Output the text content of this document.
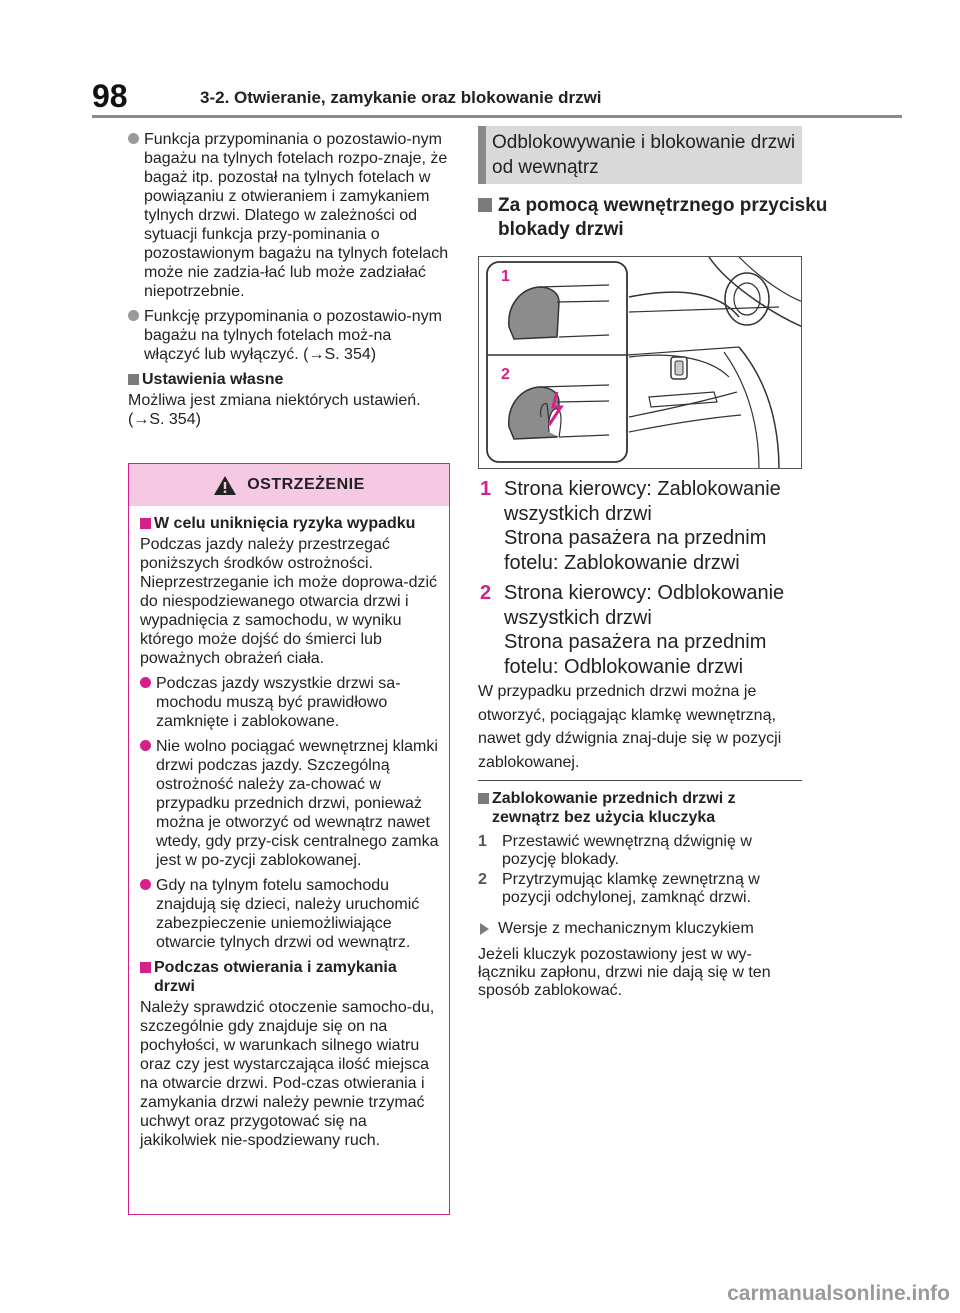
98	3-2. Otwieranie, zamykanie oraz blokowanie drzwi
Funkcja przypominania o pozostawio-nym bagażu na tylnych fotelach rozpo-znaje, że bagaż itp. pozostał na tylnych fotelach w powiązaniu z otwieraniem i zamykaniem tylnych drzwi. Dlatego w zależności od sytuacji funkcja przy-pominania o pozostawionym bagażu na tylnych fotelach może nie zadzia-łać lub może zadziałać niepotrzebnie.
Funkcję przypominania o pozostawio-nym bagażu na tylnych fotelach moż-na włączyć lub wyłączyć. (→S. 354)
Ustawienia własne
Możliwa jest zmiana niektórych ustawień. (→S. 354)
OSTRZEŻENIE
W celu uniknięcia ryzyka wypadku
Podczas jazdy należy przestrzegać poniższych środków ostrożności. Nieprzestrzeganie ich może doprowa-dzić do niespodziewanego otwarcia drzwi i wypadnięcia z samochodu, w wyniku którego może dojść do śmierci lub poważnych obrażeń ciała.
Podczas jazdy wszystkie drzwi sa-mochodu muszą być prawidłowo zamknięte i zablokowane.
Nie wolno pociągać wewnętrznej klamki drzwi podczas jazdy. Szczególną ostrożność należy za-chować w przypadku przednich drzwi, ponieważ można je otworzyć od wewnątrz nawet wtedy, gdy przy-cisk centralnego zamka jest w po-zycji zablokowanej.
Gdy na tylnym fotelu samochodu znajdują się dzieci, należy uruchomić zabezpieczenie uniemożliwiające otwarcie tylnych drzwi od wewnątrz.
Podczas otwierania i zamykania drzwi
Należy sprawdzić otoczenie samocho-du, szczególnie gdy znajduje się on na pochyłości, w warunkach silnego wiatru oraz czy jest wystarczająca ilość miejsca na otwarcie drzwi. Pod-czas otwierania i zamykania drzwi należy pewnie trzymać uchwyt oraz przygotować się na jakikolwiek nie-spodziewany ruch.
Odblokowywanie i blokowanie drzwi od wewnątrz
Za pomocą wewnętrznego przycisku blokady drzwi
1
2
1 Strona kierowcy: Zablokowanie wszystkich drzwi
Strona pasażera na przednim fotelu: Zablokowanie drzwi
2 Strona kierowcy: Odblokowanie wszystkich drzwi
Strona pasażera na przednim fotelu: Odblokowanie drzwi
W przypadku przednich drzwi można je otworzyć, pociągając klamkę wewnętrzną, nawet gdy dźwignia znaj-duje się w pozycji zablokowanej.
Zablokowanie przednich drzwi z zewnątrz bez użycia kluczyka
1 Przestawić wewnętrzną dźwignię w pozycję blokady.
2 Przytrzymując klamkę zewnętrzną w pozycji odchylonej, zamknąć drzwi.
Wersje z mechanicznym kluczykiem
Jeżeli kluczyk pozostawiony jest w wy-łączniku zapłonu, drzwi nie dają się w ten sposób zablokować.
carmanualsonline.info
